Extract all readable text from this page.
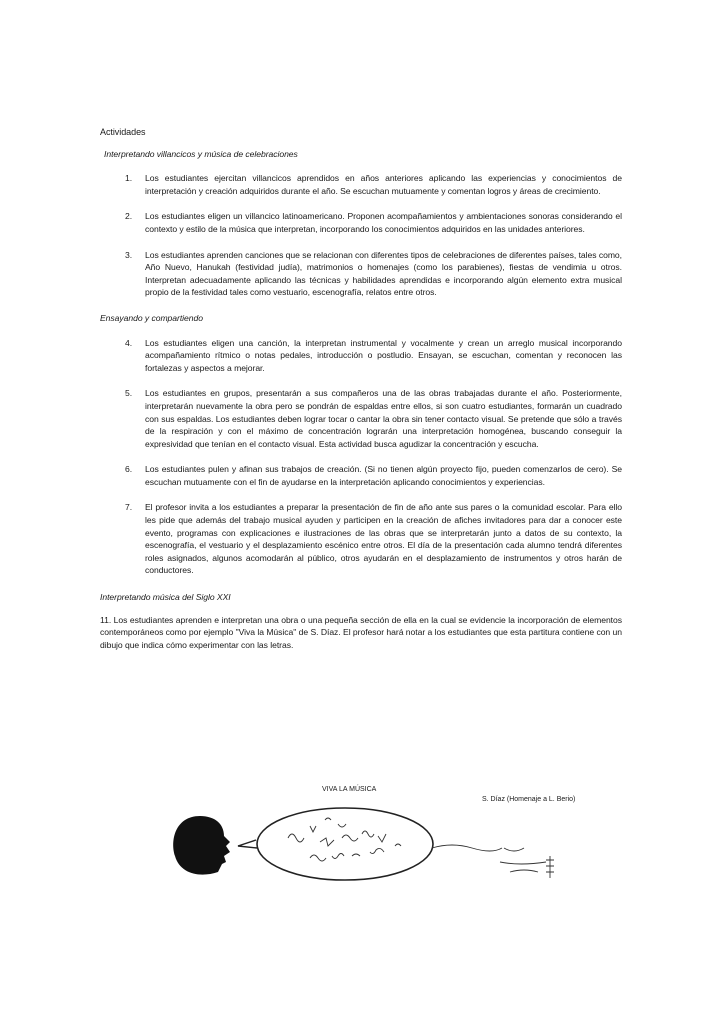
Actividades
Interpretando villancicos y música de celebraciones
1. Los estudiantes ejercitan villancicos aprendidos en años anteriores aplicando las experiencias y conocimientos de interpretación y creación adquiridos durante el año. Se escuchan mutuamente y comentan logros y áreas de crecimiento.
2. Los estudiantes eligen un villancico latinoamericano. Proponen acompañamientos y ambientaciones sonoras considerando el contexto y estilo de la música que interpretan, incorporando los conocimientos adquiridos en las unidades anteriores.
3. Los estudiantes aprenden canciones que se relacionan con diferentes tipos de celebraciones de diferentes países, tales como, Año Nuevo, Hanukah (festividad judía), matrimonios o homenajes (como los parabienes), fiestas de vendimia u otros. Interpretan adecuadamente aplicando las técnicas y habilidades aprendidas e incorporando algún elemento extra musical propio de la festividad tales como vestuario, escenografía, relatos entre otros.
Ensayando y compartiendo
4. Los estudiantes eligen una canción, la interpretan instrumental y vocalmente y crean un arreglo musical incorporando acompañamiento rítmico o notas pedales, introducción o postludio. Ensayan, se escuchan, comentan y reconocen las fortalezas y aspectos a mejorar.
5. Los estudiantes en grupos, presentarán a sus compañeros una de las obras trabajadas durante el año. Posteriormente, interpretarán nuevamente la obra pero se pondrán de espaldas entre ellos, si son cuatro estudiantes, formarán un cuadrado con sus espaldas. Los estudiantes deben lograr tocar o cantar la obra sin tener contacto visual. Se pretende que sólo a través de la respiración y con el máximo de concentración lograrán una interpretación homogénea, buscando conseguir la expresividad que tenían en el contacto visual. Esta actividad busca agudizar la concentración y escucha.
6. Los estudiantes pulen y afinan sus trabajos de creación. (Si no tienen algún proyecto fijo, pueden comenzarlos de cero). Se escuchan mutuamente con el fin de ayudarse en la interpretación aplicando conocimientos y experiencias.
7. El profesor invita a los estudiantes a preparar la presentación de fin de año ante sus pares o la comunidad escolar. Para ello les pide que además del trabajo musical ayuden y participen en la creación de afiches invitadores para dar a conocer este evento, programas con explicaciones e ilustraciones de las obras que se interpretarán junto a datos de su contexto, la escenografía, el vestuario y el desplazamiento escénico entre otros. El día de la presentación cada alumno tendrá diferentes roles asignados, algunos acomodarán al público, otros ayudarán en el desplazamiento de instrumentos y otros harán de conductores.
Interpretando música del Siglo XXI

11. Los estudiantes aprenden e interpretan una obra o una pequeña sección de ella en la cual se evidencie la incorporación de elementos contemporáneos como por ejemplo "Viva la Música" de S. Díaz. El profesor hará notar a los estudiantes que esta partitura contiene con un dibujo que indica cómo experimentar con las letras.

VIVA LA MÚSICA
S. Díaz (Homenaje a L. Berio)
